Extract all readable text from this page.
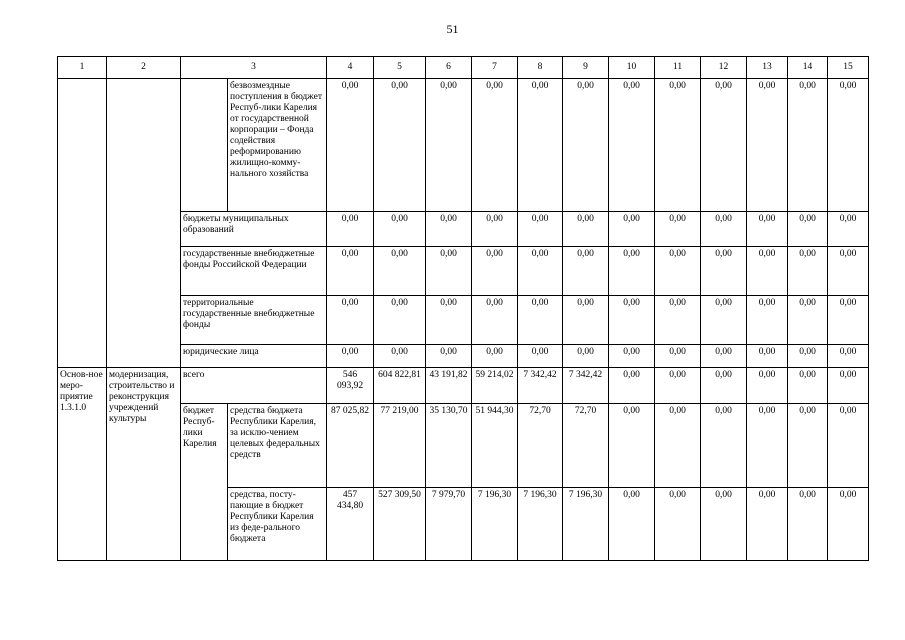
51
1	2	3		4	5	6	7	8	9	10	11	12	13	14	15
			безвозмездные поступления в бюджет Респуб-лики Карелия от государственной корпорации – Фонда содействия реформированию жилищно-комму-нального хозяйства	0,00	0,00	0,00	0,00	0,00	0,00	0,00	0,00	0,00	0,00	0,00	0,00
		бюджеты муниципальных образований		0,00	0,00	0,00	0,00	0,00	0,00	0,00	0,00	0,00	0,00	0,00	0,00
		государственные внебюджетные фонды Российской Федерации		0,00	0,00	0,00	0,00	0,00	0,00	0,00	0,00	0,00	0,00	0,00	0,00
		территориальные государственные внебюджетные фонды		0,00	0,00	0,00	0,00	0,00	0,00	0,00	0,00	0,00	0,00	0,00	0,00
		юридические лица		0,00	0,00	0,00	0,00	0,00	0,00	0,00	0,00	0,00	0,00	0,00	0,00
Основ-ное меро-приятие 1.3.1.0	модернизация, строительство и реконструкция учреждений культуры	всего		546 093,92	604 822,81	43 191,82	59 214,02	7 342,42	7 342,42	0,00	0,00	0,00	0,00	0,00	0,00
		бюджет Респуб-лики Карелия	средства бюджета Республики Карелия, за исклю-чением целевых федеральных средств	87 025,82	77 219,00	35 130,70	51 944,30	72,70	72,70	0,00	0,00	0,00	0,00	0,00	0,00
			средства, посту-пающие в бюджет Республики Карелия из феде-рального бюджета	457 434,80	527 309,50	7 979,70	7 196,30	7 196,30	7 196,30	0,00	0,00	0,00	0,00	0,00	0,00
